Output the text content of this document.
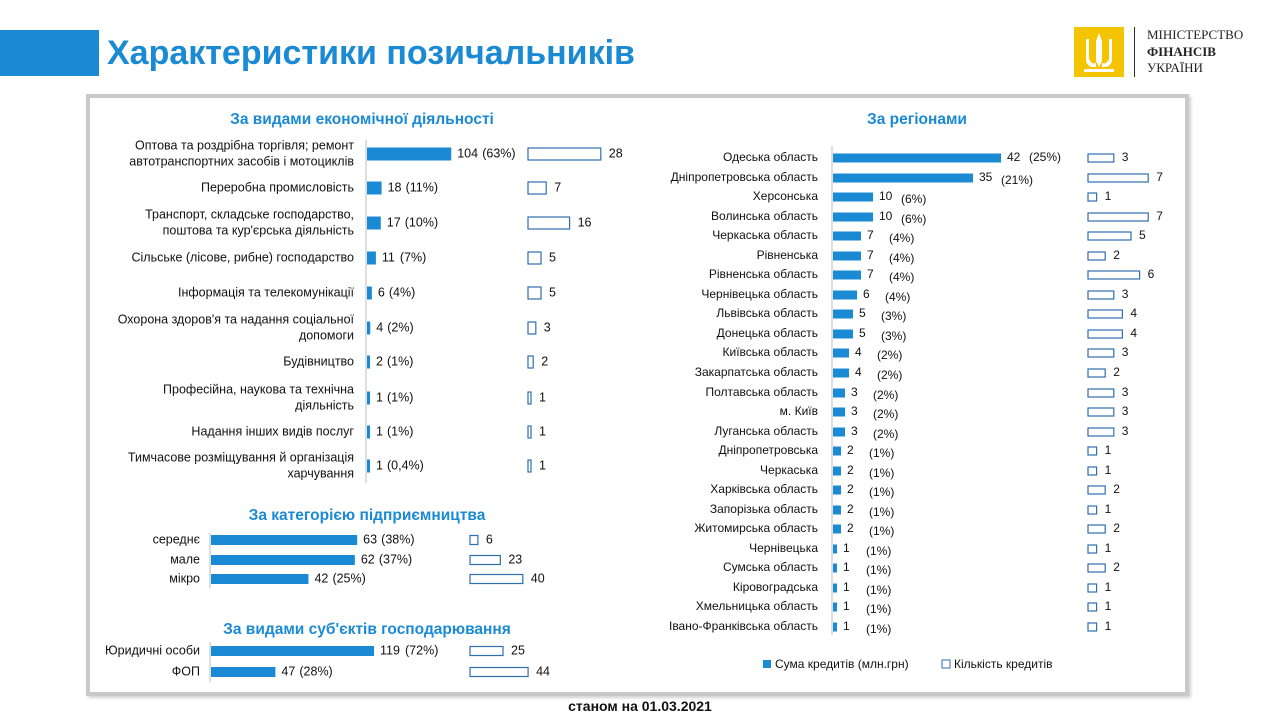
Характеристики позичальників	МІНІСТЕРСТВО
ФІНАНСІВ
УКРАЇНИ
За видами економічної діяльності
Оптова та роздрібна торгівля; ремонт
автотранспортних засобів і мотоциклів
104 (63%)	28
Переробна промисловість	18 (11%)	7
Транспорт, складське господарство,
поштова та кур'єрська діяльність
17 (10%)	16
Сільське (лісове, рибне) господарство 11 (7%)	5
Інформація та телекомунікації 6 (4%)	5
Охорона здоров'я та надання соціальної
допомоги
4 (2%)	3
Будівництво 2 (1%)	2
Професійна, наукова та технічна
діяльність
1 (1%)	1
Надання інших видів послуг 1 (1%)	1
Тимчасове розміщування й організація
харчування
1 (0,4%)	1
За категорією підприємництва
середнє	63 (38%)	6
мале	62 (37%)	23
мікро	42 (25%)	40
За видами суб'єктів господарювання
Юридичні особи	119 (72%)	25
ФОП	47 (28%)	44
За регіонами
Одеська область	42 (25%)	3
Дніпропетровська область	35 (21%)	7
Херсонська	10 (6%)	1
Волинська область	10 (6%)	7
Черкаська область	7 (4%)	5
Рівненська	7 (4%)	2
Рівненська область	7 (4%)	6
Чернівецька область	6 (4%)	3
Львівська область	5 (3%)	4
Донецька область	5 (3%)	4
Київська область	4 (2%)	3
Закарпатська область	4 (2%)	2
Полтавська область	3 (2%)	3
м. Київ	3 (2%)	3
Луганська область	3 (2%)	3
Дніпропетровська 2 (1%)	1
Черкаська 2 (1%)	1
Харківська область 2 (1%)	2
Запорізька область 2 (1%)	1
Житомирська область 2 (1%)	2
Чернівецька 1 (1%)	1
Сумська область 1 (1%)	2
Кіровоградська 1 (1%)	1
Хмельницька область 1 (1%)	1
Івано-Франківська область 1 (1%)	1
Сума кредитів (млн.грн)	Кількість кредитів
станом на 01.03.2021
